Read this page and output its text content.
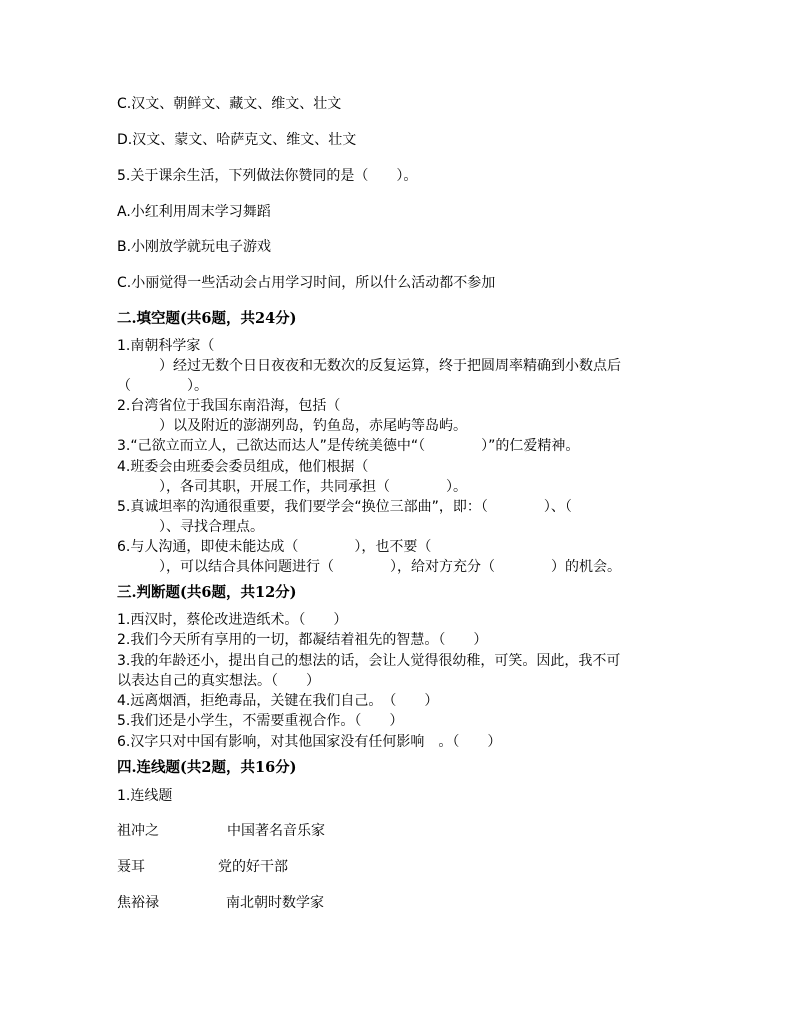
C.汉文、朝鲜文、藏文、维文、壮文
D.汉文、蒙文、哈萨克文、维文、壮文
5.关于课余生活，下列做法你赞同的是（　　）。
A.小红利用周末学习舞蹈
B.小刚放学就玩电子游戏
C.小丽觉得一些活动会占用学习时间，所以什么活动都不参加
二.填空题(共6题，共24分)
1.南朝科学家（
　　　）经过无数个日日夜夜和无数次的反复运算，终于把圆周率精确到小数点后
（　　　　）。
2.台湾省位于我国东南沿海，包括（
　　　）以及附近的澎湖列岛，钓鱼岛，赤尾屿等岛屿。
3.“己欲立而立人，己欲达而达人”是传统美德中“（　　　　）”的仁爱精神。
4.班委会由班委会委员组成，他们根据（
　　　），各司其职，开展工作，共同承担（　　　　）。
5.真诚坦率的沟通很重要，我们要学会“换位三部曲”，即：（　　　　）、（
　　　）、寻找合理点。
6.与人沟通，即使未能达成（　　　　），也不要（
　　　），可以结合具体问题进行（　　　　），给对方充分（　　　　）的机会。
三.判断题(共6题，共12分)
1.西汉时，蔡伦改进造纸术。（　　）
2.我们今天所有享用的一切，都凝结着祖先的智慧。（　　）
3.我的年龄还小，提出自己的想法的话，会让人觉得很幼稚，可笑。因此，我不可
以表达自己的真实想法。（　　）
4.远离烟酒，拒绝毒品，关键在我们自己。　（　　）
5.我们还是小学生，不需要重视合作。（　　）
6.汉字只对中国有影响，对其他国家没有任何影响　。（　　）
四.连线题(共2题，共16分)
1.连线题
祖冲之	中国著名音乐家
聂耳	党的好干部
焦裕禄	南北朝时数学家
